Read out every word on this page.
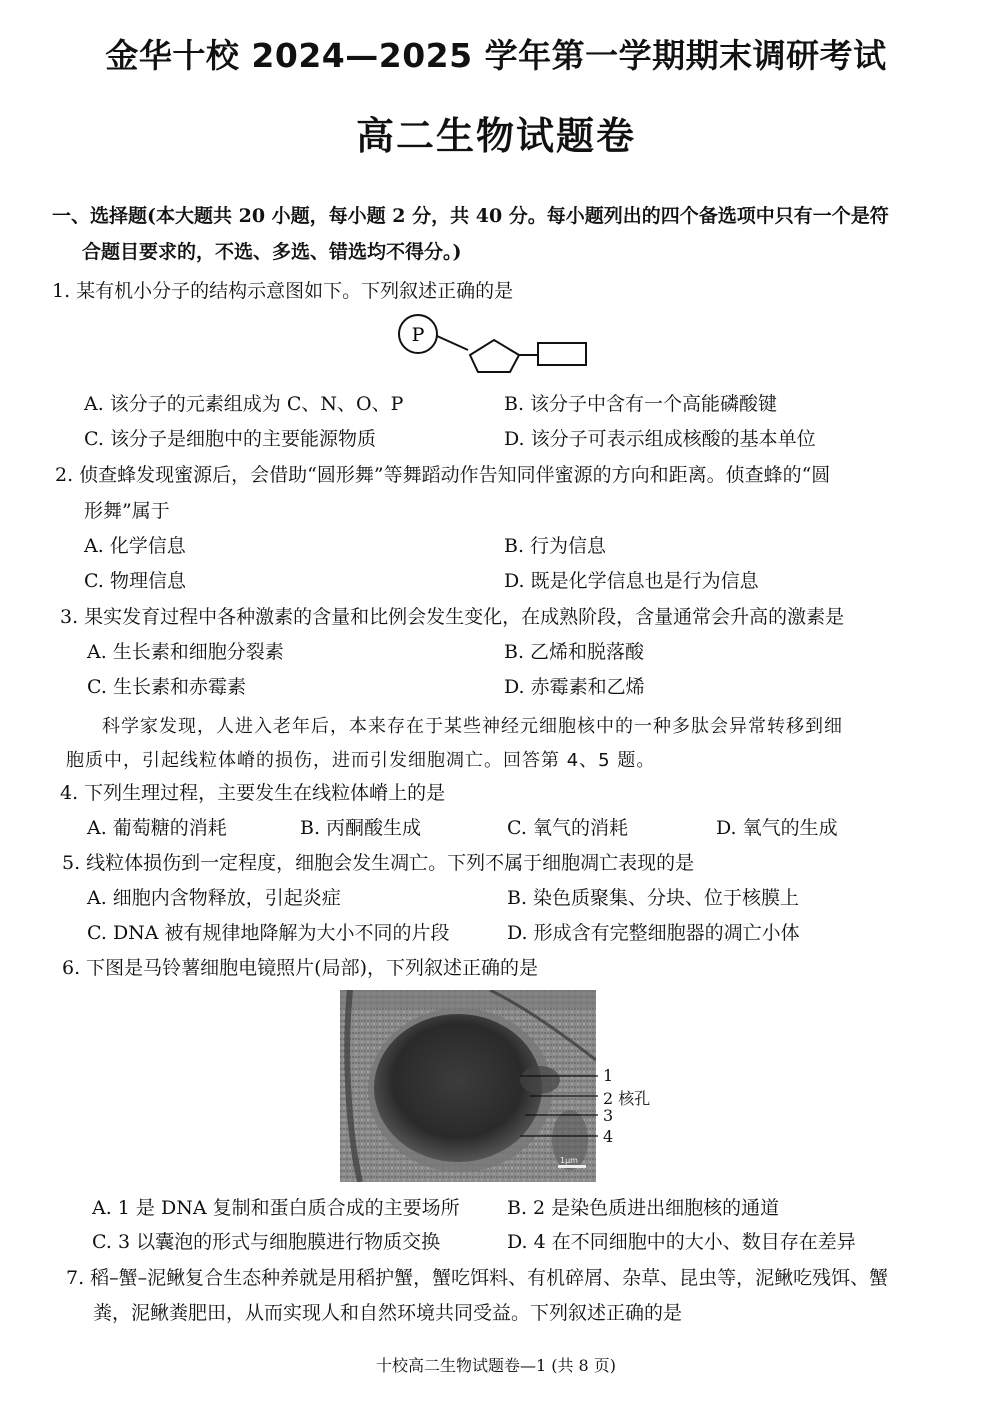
金华十校 2024—2025 学年第一学期期末调研考试
高二生物试题卷
一、选择题(本大题共 20 小题，每小题 2 分，共 40 分。每小题列出的四个备选项中只有一个是符
合题目要求的，不选、多选、错选均不得分。)
1. 某有机小分子的结构示意图如下。下列叙述正确的是
P
A. 该分子的元素组成为 C、N、O、P	B. 该分子中含有一个高能磷酸键
C. 该分子是细胞中的主要能源物质	D. 该分子可表示组成核酸的基本单位
2. 侦查蜂发现蜜源后，会借助“圆形舞”等舞蹈动作告知同伴蜜源的方向和距离。侦查蜂的“圆
形舞”属于
A. 化学信息	B. 行为信息
C. 物理信息	D. 既是化学信息也是行为信息
3. 果实发育过程中各种激素的含量和比例会发生变化，在成熟阶段，含量通常会升高的激素是
A. 生长素和细胞分裂素	B. 乙烯和脱落酸
C. 生长素和赤霉素	D. 赤霉素和乙烯
科学家发现，人进入老年后，本来存在于某些神经元细胞核中的一种多肽会异常转移到细
胞质中，引起线粒体嵴的损伤，进而引发细胞凋亡。回答第 4、5 题。
4. 下列生理过程，主要发生在线粒体嵴上的是
A. 葡萄糖的消耗	B. 丙酮酸生成	C. 氧气的消耗	D. 氧气的生成
5. 线粒体损伤到一定程度，细胞会发生凋亡。下列不属于细胞凋亡表现的是
A. 细胞内含物释放，引起炎症	B. 染色质聚集、分块、位于核膜上
C. DNA 被有规律地降解为大小不同的片段	D. 形成含有完整细胞器的凋亡小体
6. 下图是马铃薯细胞电镜照片(局部)，下列叙述正确的是
1μm
1
2 核孔
3
4
A. 1 是 DNA 复制和蛋白质合成的主要场所 B. 2 是染色质进出细胞核的通道
C. 3 以囊泡的形式与细胞膜进行物质交换	D. 4 在不同细胞中的大小、数目存在差异
7. 稻–蟹–泥鳅复合生态种养就是用稻护蟹，蟹吃饵料、有机碎屑、杂草、昆虫等，泥鳅吃残饵、蟹
粪，泥鳅粪肥田，从而实现人和自然环境共同受益。下列叙述正确的是
十校高二生物试题卷—1 (共 8 页)
